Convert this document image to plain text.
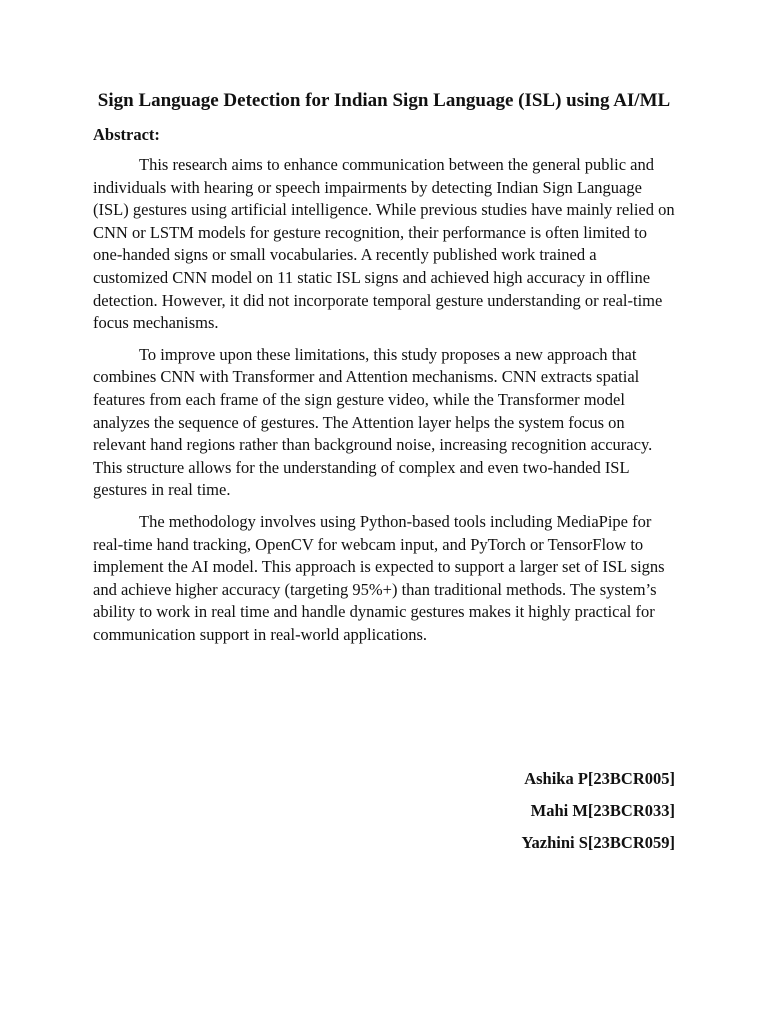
Sign Language Detection for Indian Sign Language (ISL) using AI/ML
Abstract:

This research aims to enhance communication between the general public and individuals with hearing or speech impairments by detecting Indian Sign Language (ISL) gestures using artificial intelligence. While previous studies have mainly relied on CNN or LSTM models for gesture recognition, their performance is often limited to one-handed signs or small vocabularies. A recently published work trained a customized CNN model on 11 static ISL signs and achieved high accuracy in offline detection. However, it did not incorporate temporal gesture understanding or real-time focus mechanisms.

To improve upon these limitations, this study proposes a new approach that combines CNN with Transformer and Attention mechanisms. CNN extracts spatial features from each frame of the sign gesture video, while the Transformer model analyzes the sequence of gestures. The Attention layer helps the system focus on relevant hand regions rather than background noise, increasing recognition accuracy. This structure allows for the understanding of complex and even two-handed ISL gestures in real time.

The methodology involves using Python-based tools including MediaPipe for real-time hand tracking, OpenCV for webcam input, and PyTorch or TensorFlow to implement the AI model. This approach is expected to support a larger set of ISL signs and achieve higher accuracy (targeting 95%+) than traditional methods. The system’s ability to work in real time and handle dynamic gestures makes it highly practical for communication support in real-world applications.

Ashika P[23BCR005]
Mahi M[23BCR033]
Yazhini S[23BCR059]
